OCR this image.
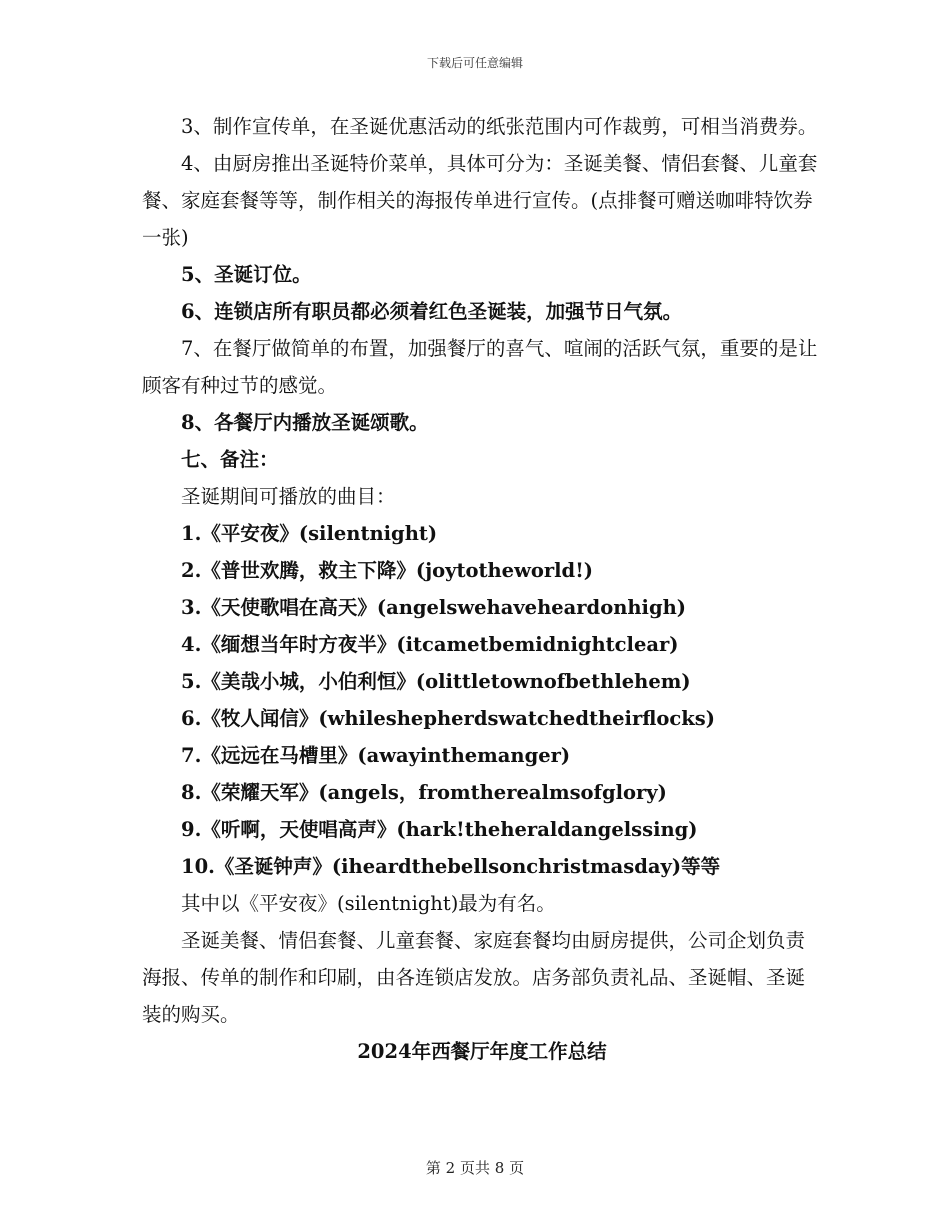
下载后可任意编辑

3、制作宣传单，在圣诞优惠活动的纸张范围内可作裁剪，可相当消费券。

4、由厨房推出圣诞特价菜单，具体可分为：圣诞美餐、情侣套餐、儿童套餐、家庭套餐等等，制作相关的海报传单进行宣传。(点排餐可赠送咖啡特饮券一张)

5、圣诞订位。

6、连锁店所有职员都必须着红色圣诞装，加强节日气氛。

7、在餐厅做简单的布置，加强餐厅的喜气、喧闹的活跃气氛，重要的是让顾客有种过节的感觉。

8、各餐厅内播放圣诞颂歌。

七、备注：

圣诞期间可播放的曲目：

1.《平安夜》(silentnight)

2.《普世欢腾，救主下降》(joytotheworld!)

3.《天使歌唱在高天》(angelswehaveheardonhigh)

4.《缅想当年时方夜半》(itcametbemidnightclear)

5.《美哉小城，小伯利恒》(olittletownofbethlehem)

6.《牧人闻信》(whileshepherdswatchedtheirflocks)

7.《远远在马槽里》(awayinthemanger)

8.《荣耀天军》(angels，fromtherealmsofglory)

9.《听啊，天使唱高声》(hark!theheraldangelssing)

10.《圣诞钟声》(iheardthebellsonchristmasday)等等

其中以《平安夜》(silentnight)最为有名。

圣诞美餐、情侣套餐、儿童套餐、家庭套餐均由厨房提供，公司企划负责海报、传单的制作和印刷，由各连锁店发放。店务部负责礼品、圣诞帽、圣诞装的购买。

2024年西餐厅年度工作总结

第 2 页共 8 页
